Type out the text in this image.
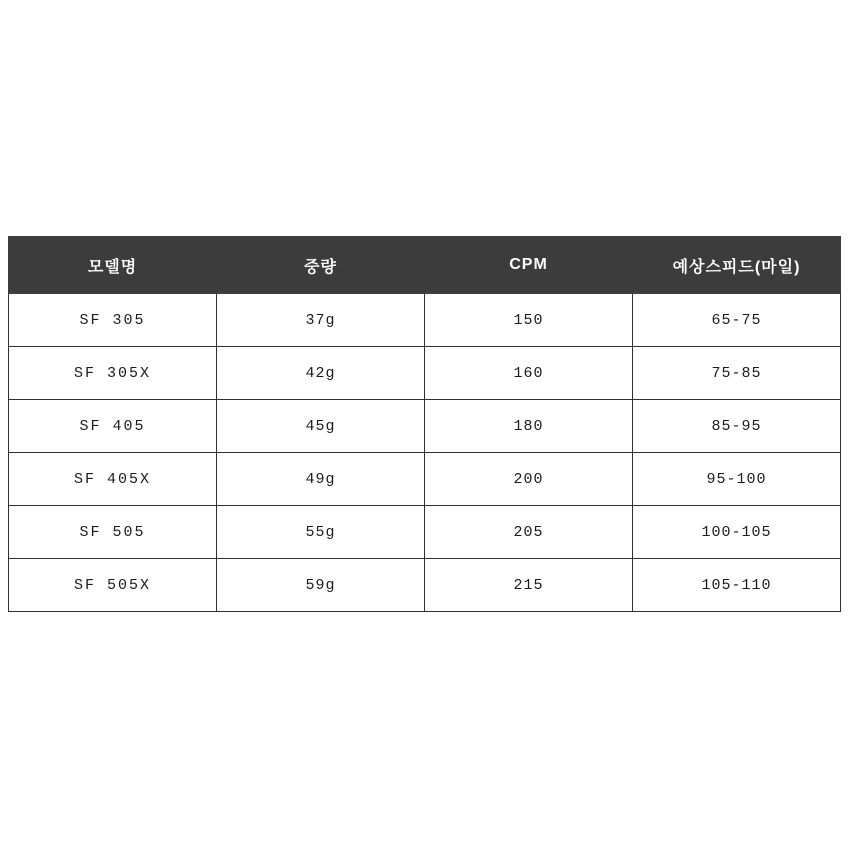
모델명	중량	CPM	예상스피드(마일)
SF 305	37g	150	65-75
SF 305X	42g	160	75-85
SF 405	45g	180	85-95
SF 405X	49g	200	95-100
SF 505	55g	205	100-105
SF 505X	59g	215	105-110
